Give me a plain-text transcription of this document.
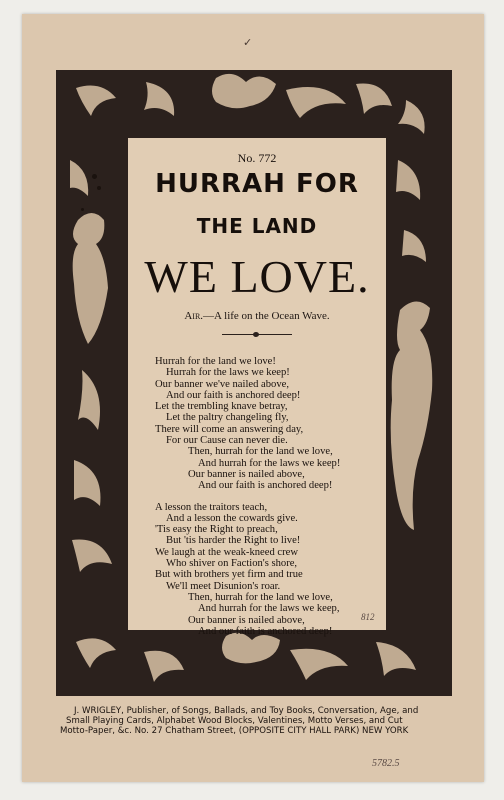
✓
No. 772
HURRAH FOR
THE LAND
WE LOVE.
Air.—A life on the Ocean Wave.
Hurrah for the land we love!
Hurrah for the laws we keep!
Our banner we've nailed above,
And our faith is anchored deep!
Let the trembling knave betray,
Let the paltry changeling fly,
There will come an answering day,
For our Cause can never die.
Then, hurrah for the land we love,
And hurrah for the laws we keep!
Our banner is nailed above,
And our faith is anchored deep!
A lesson the traitors teach,
And a lesson the cowards give.
'Tis easy the Right to preach,
But 'tis harder the Right to live!
We laugh at the weak-kneed crew
Who shiver on Faction's shore,
But with brothers yet firm and true
We'll meet Disunion's roar.
Then, hurrah for the land we love,
And hurrah for the laws we keep,
Our banner is nailed above,
And our faith is anchored deep!
812
J. WRIGLEY, Publisher, of Songs, Ballads, and Toy Books, Conversation, Age, and
Small Playing Cards, Alphabet Wood Blocks, Valentines, Motto Verses, and Cut
Motto-Paper, &c. No. 27 Chatham Street, (OPPOSITE CITY HALL PARK) NEW YORK
5782.5
